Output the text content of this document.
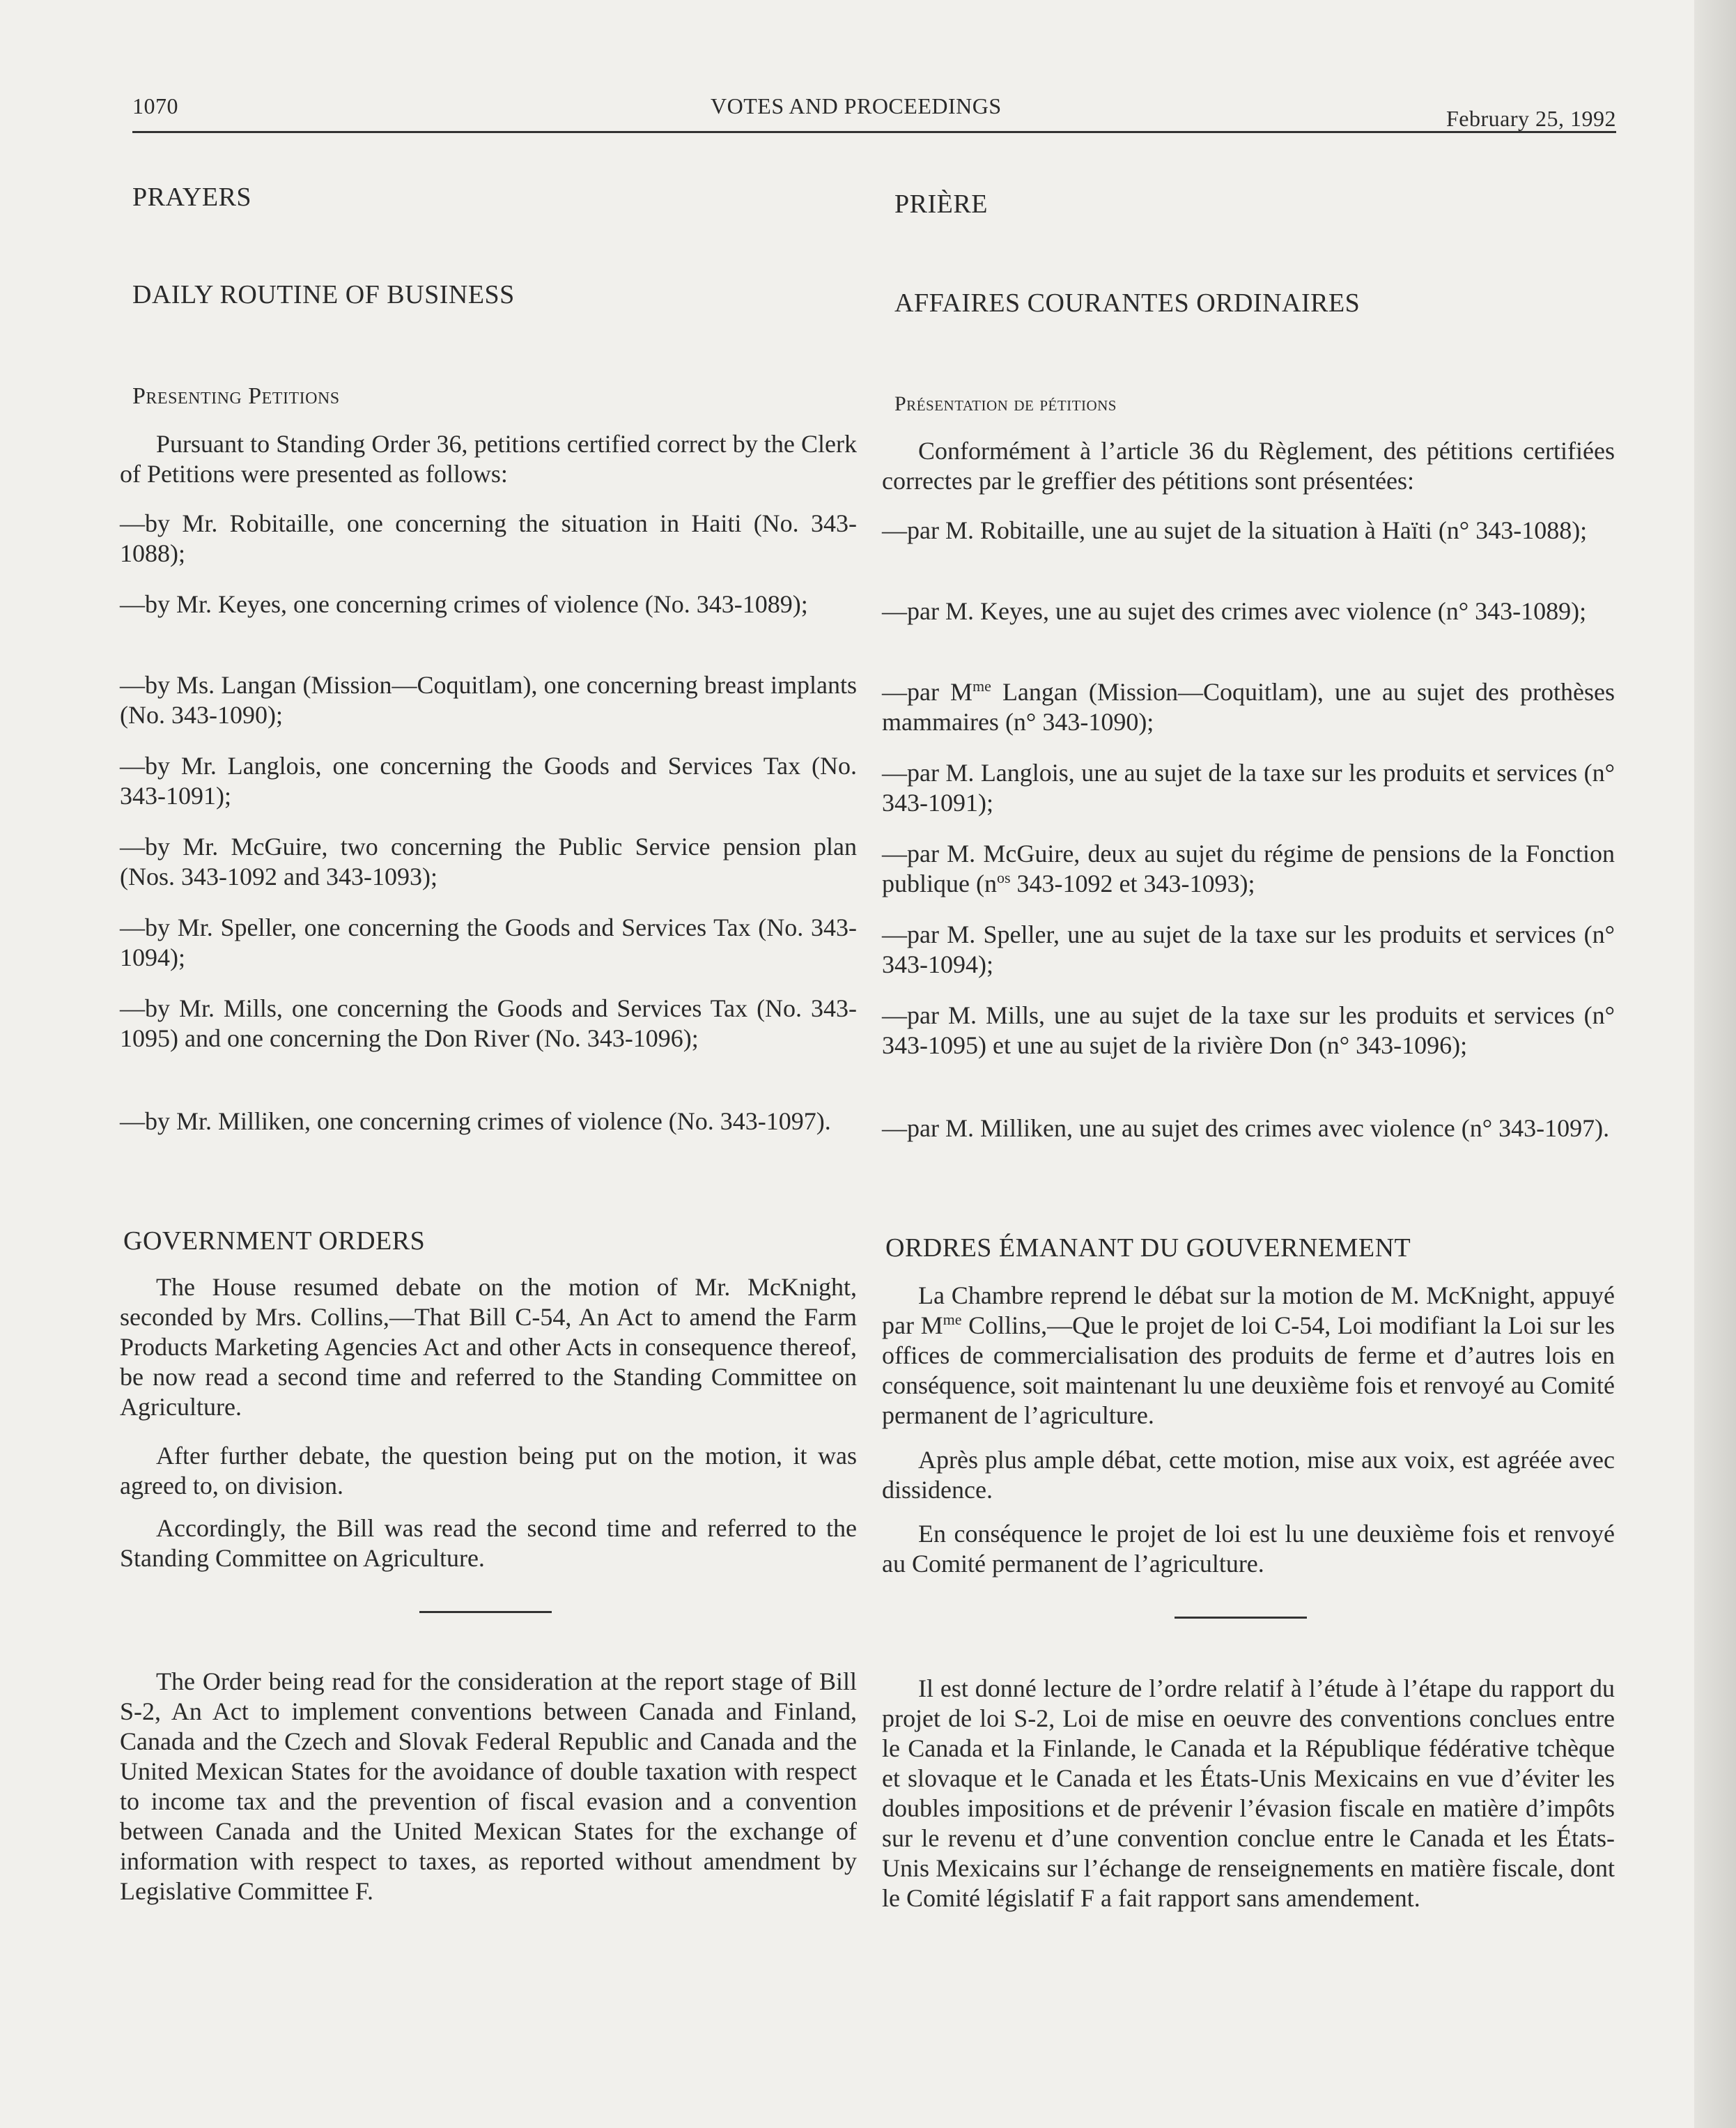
1070	VOTES AND PROCEEDINGS	February 25, 1992
PRAYERS
DAILY ROUTINE OF BUSINESS
Presenting Petitions

Pursuant to Standing Order 36, petitions certified correct by the Clerk of Petitions were presented as follows:

—by Mr. Robitaille, one concerning the situation in Haiti (No. 343-1088);

—by Mr. Keyes, one concerning crimes of violence (No. 343-1089);

—by Ms. Langan (Mission—Coquitlam), one concerning breast implants (No. 343-1090);

—by Mr. Langlois, one concerning the Goods and Services Tax (No. 343-1091);

—by Mr. McGuire, two concerning the Public Service pension plan (Nos. 343-1092 and 343-1093);

—by Mr. Speller, one concerning the Goods and Services Tax (No. 343-1094);

—by Mr. Mills, one concerning the Goods and Services Tax (No. 343-1095) and one concerning the Don River (No. 343-1096);

—by Mr. Milliken, one concerning crimes of violence (No. 343-1097).

GOVERNMENT ORDERS

The House resumed debate on the motion of Mr. McKnight, seconded by Mrs. Collins,—That Bill C-54, An Act to amend the Farm Products Marketing Agencies Act and other Acts in consequence thereof, be now read a second time and referred to the Standing Committee on Agriculture.

After further debate, the question being put on the motion, it was agreed to, on division.

Accordingly, the Bill was read the second time and referred to the Standing Committee on Agriculture.

The Order being read for the consideration at the report stage of Bill S-2, An Act to implement conventions between Canada and Finland, Canada and the Czech and Slovak Federal Republic and Canada and the United Mexican States for the avoidance of double taxation with respect to income tax and the prevention of fiscal evasion and a convention between Canada and the United Mexican States for the exchange of information with respect to taxes, as reported without amendment by Legislative Committee F.

PRIÈRE
AFFAIRES COURANTES ORDINAIRES
Présentation de pétitions

Conformément à l’article 36 du Règlement, des pétitions certifiées correctes par le greffier des pétitions sont présentées:

—par M. Robitaille, une au sujet de la situation à Haïti (n° 343-1088);

—par M. Keyes, une au sujet des crimes avec violence (n° 343-1089);

—par $M^{me}$ Langan (Mission—Coquitlam), une au sujet des prothèses mammaires (n° 343-1090);

—par M. Langlois, une au sujet de la taxe sur les produits et services (n° 343-1091);

—par M. McGuire, deux au sujet du régime de pensions de la Fonction publique ($n^{os}$ 343-1092 et 343-1093);

—par M. Speller, une au sujet de la taxe sur les produits et services (n° 343-1094);

—par M. Mills, une au sujet de la taxe sur les produits et services (n° 343-1095) et une au sujet de la rivière Don (n° 343-1096);

—par M. Milliken, une au sujet des crimes avec violence (n° 343-1097).

ORDRES ÉMANANT DU GOUVERNEMENT

La Chambre reprend le débat sur la motion de M. McKnight, appuyé par $M^{me}$ Collins,—Que le projet de loi C-54, Loi modifiant la Loi sur les offices de commercialisation des produits de ferme et d’autres lois en conséquence, soit maintenant lu une deuxième fois et renvoyé au Comité permanent de l’agriculture.

Après plus ample débat, cette motion, mise aux voix, est agréée avec dissidence.

En conséquence le projet de loi est lu une deuxième fois et renvoyé au Comité permanent de l’agriculture.

Il est donné lecture de l’ordre relatif à l’étude à l’étape du rapport du projet de loi S-2, Loi de mise en oeuvre des conventions conclues entre le Canada et la Finlande, le Canada et la République fédérative tchèque et slovaque et le Canada et les États-Unis Mexicains en vue d’éviter les doubles impositions et de prévenir l’évasion fiscale en matière d’impôts sur le revenu et d’une convention conclue entre le Canada et les États-Unis Mexicains sur l’échange de renseignements en matière fiscale, dont le Comité législatif F a fait rapport sans amendement.
